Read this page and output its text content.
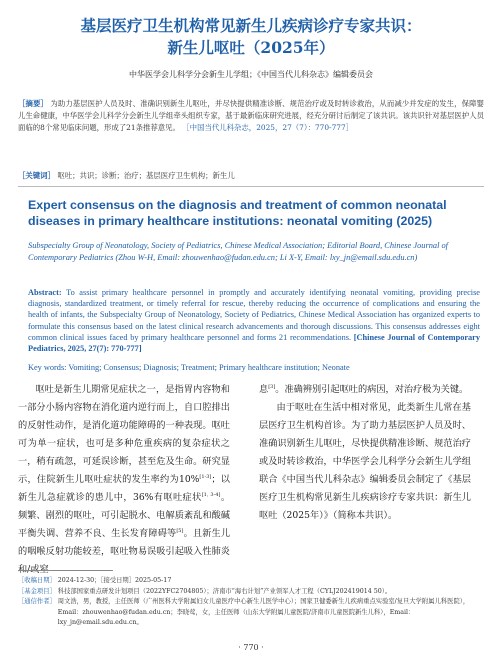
基层医疗卫生机构常见新生儿疾病诊疗专家共识：
新生儿呕吐（2025年）
中华医学会儿科学分会新生儿学组；《中国当代儿科杂志》编辑委员会

［摘要］ 为助力基层医护人员及时、准确识别新生儿呕吐，并尽快提供精准诊断、规范治疗或及时转诊救治，从而减少并发症的发生，保障婴儿生命健康，中华医学会儿科学分会新生儿学组牵头组织专家，基于最新临床研究进展，经充分研讨后制定了该共识。该共识针对基层医护人员面临的8个常见临床问题，形成了21条推荐意见。 ［中国当代儿科杂志，2025，27（7）：770-777］

［关键词］ 呕吐；共识；诊断；治疗；基层医疗卫生机构；新生儿

Expert consensus on the diagnosis and treatment of common neonatal diseases in primary healthcare institutions: neonatal vomiting (2025)

Subspecialty Group of Neonatology, Society of Pediatrics, Chinese Medical Association; Editorial Board, Chinese Journal of Contemporary Pediatrics (Zhou W-H, Email: zhouwenhao@fudan.edu.cn; Li X-Y, Email: lxy_jn@email.sdu.edu.cn)

Abstract: To assist primary healthcare personnel in promptly and accurately identifying neonatal vomiting, providing precise diagnosis, standardized treatment, or timely referral for rescue, thereby reducing the occurrence of complications and ensuring the health of infants, the Subspecialty Group of Neonatology, Society of Pediatrics, Chinese Medical Association has organized experts to formulate this consensus based on the latest clinical research advancements and thorough discussions. This consensus addresses eight common clinical issues faced by primary healthcare personnel and forms 21 recommendations. [Chinese Journal of Contemporary Pediatrics, 2025, 27(7): 770-777]

Key words: Vomiting; Consensus; Diagnosis; Treatment; Primary healthcare institution; Neonate

呕吐是新生儿期常见症状之一，是指胃内容物和一部分小肠内容物在消化道内逆行而上，自口腔排出的反射性动作，是消化道功能障碍的一种表现。呕吐可为单一症状，也可是多种危重疾病的复杂症状之一，稍有疏忽，可延误诊断，甚至危及生命。研究显示，住院新生儿呕吐症状的发生率约为10%[1-3]；以新生儿急症就诊的患儿中，36%有呕吐症状[1, 3-4]。频繁、剧烈的呕吐，可引起脱水、电解质紊乱和酸碱平衡失调、营养不良、生长发育障碍等[5]。且新生儿的咽喉反射功能较差，呕吐物易误吸引起吸入性肺炎和/或窒

息[3]。准确辨别引起呕吐的病因，对治疗极为关键。

由于呕吐在生活中相对常见，此类新生儿常在基层医疗卫生机构首诊。为了助力基层医护人员及时、准确识别新生儿呕吐，尽快提供精准诊断、规范治疗或及时转诊救治，中华医学会儿科学分会新生儿学组联合《中国当代儿科杂志》编辑委员会制定了《基层医疗卫生机构常见新生儿疾病诊疗专家共识：新生儿呕吐（2025年）》（简称本共识）。

［收稿日期］ 2024-12-30；［接受日期］2025-05-17
［基金项目］ 科技部国家重点研发计划项目（2022YFC2704805）；济南市“海右计划”产业领军人才工程（CYLJ202419014 50）。
［通信作者］ 周文浩，男，教授，主任医师（广州医科大学附属妇女儿童医疗中心新生儿医学中心）；国家卫健委新生儿疾病重点实验室/复旦大学附属儿科医院），Email：zhouwenhao@fudan.edu.cn；李晓莺，女，主任医师（山东大学附属儿童医院/济南市儿童医院新生儿科），Email：lxy_jn@email.sdu.edu.cn。
· 770 ·
